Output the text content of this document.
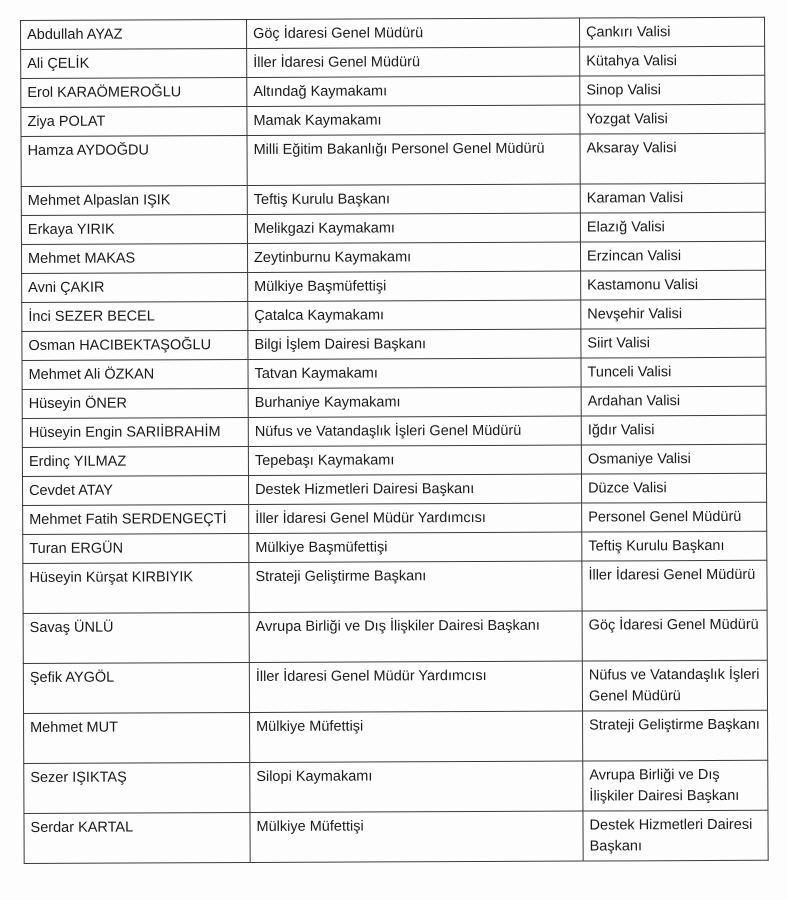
Abdullah AYAZ	Göç İdaresi Genel Müdürü	Çankırı Valisi
Ali ÇELİK	İller İdaresi Genel Müdürü	Kütahya Valisi
Erol KARAÖMEROĞLU	Altındağ Kaymakamı	Sinop Valisi
Ziya POLAT	Mamak Kaymakamı	Yozgat Valisi
Hamza AYDOĞDU	Milli Eğitim Bakanlığı Personel Genel Müdürü	Aksaray Valisi
Mehmet Alpaslan IŞIK	Teftiş Kurulu Başkanı	Karaman Valisi
Erkaya YIRIK	Melikgazi Kaymakamı	Elazığ Valisi
Mehmet MAKAS	Zeytinburnu Kaymakamı	Erzincan Valisi
Avni ÇAKIR	Mülkiye Başmüfettişi	Kastamonu Valisi
İnci SEZER BECEL	Çatalca Kaymakamı	Nevşehir Valisi
Osman HACIBEKTAŞOĞLU	Bilgi İşlem Dairesi Başkanı	Siirt Valisi
Mehmet Ali ÖZKAN	Tatvan Kaymakamı	Tunceli Valisi
Hüseyin ÖNER	Burhaniye Kaymakamı	Ardahan Valisi
Hüseyin Engin SARIİBRAHİM	Nüfus ve Vatandaşlık İşleri Genel Müdürü	Iğdır Valisi
Erdinç YILMAZ	Tepebaşı Kaymakamı	Osmaniye Valisi
Cevdet ATAY	Destek Hizmetleri Dairesi Başkanı	Düzce Valisi
Mehmet Fatih SERDENGEÇTİ	İller İdaresi Genel Müdür Yardımcısı	Personel Genel Müdürü
Turan ERGÜN	Mülkiye Başmüfettişi	Teftiş Kurulu Başkanı
Hüseyin Kürşat KIRBIYIK	Strateji Geliştirme Başkanı	İller İdaresi Genel Müdürü
Savaş ÜNLÜ	Avrupa Birliği ve Dış İlişkiler Dairesi Başkanı	Göç İdaresi Genel Müdürü
Şefik AYGÖL	İller İdaresi Genel Müdür Yardımcısı	Nüfus ve Vatandaşlık İşleri Genel Müdürü
Mehmet MUT	Mülkiye Müfettişi	Strateji Geliştirme Başkanı
Sezer IŞIKTAŞ	Silopi Kaymakamı	Avrupa Birliği ve Dış İlişkiler Dairesi Başkanı
Serdar KARTAL	Mülkiye Müfettişi	Destek Hizmetleri Dairesi Başkanı
